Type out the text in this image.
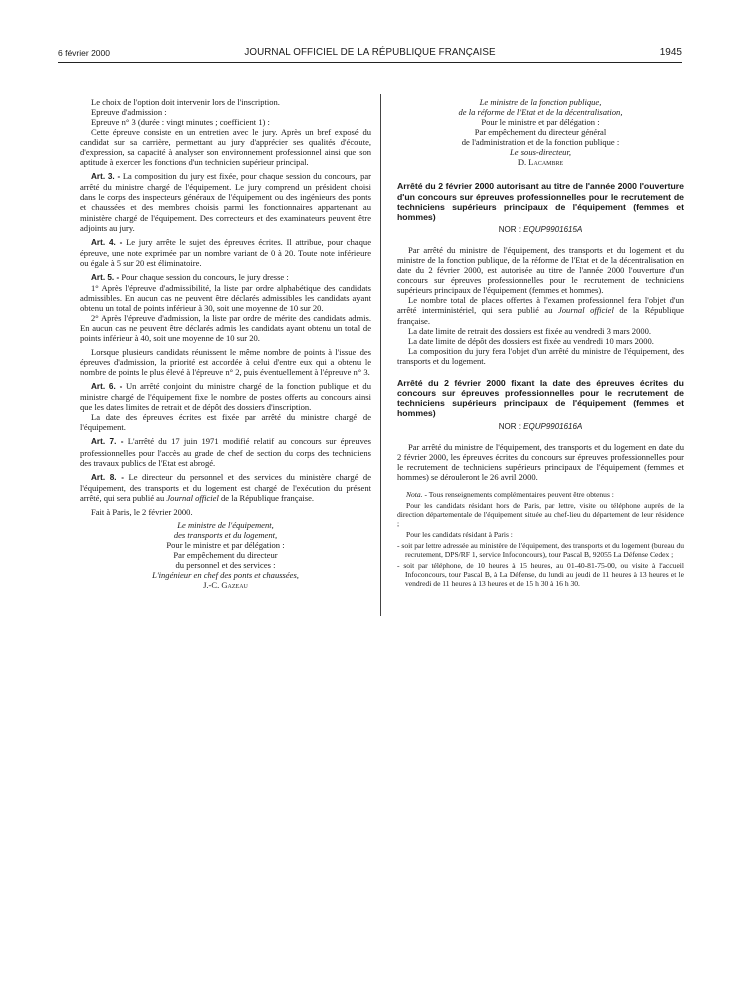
6 février 2000	JOURNAL OFFICIEL DE LA RÉPUBLIQUE FRANÇAISE	1945

Le choix de l'option doit intervenir lors de l'inscription.

Epreuve d'admission :

Epreuve n° 3 (durée : vingt minutes ; coefficient 1) :

Cette épreuve consiste en un entretien avec le jury. Après un bref exposé du candidat sur sa carrière, permettant au jury d'apprécier ses qualités d'écoute, d'expression, sa capacité à analyser son environnement professionnel ainsi que son aptitude à exercer les fonctions d'un technicien supérieur principal.

Art. 3. - La composition du jury est fixée, pour chaque session du concours, par arrêté du ministre chargé de l'équipement. Le jury comprend un président choisi dans le corps des inspecteurs généraux de l'équipement ou des ingénieurs des ponts et chaussées et des membres choisis parmi les fonctionnaires appartenant au ministère chargé de l'équipement. Des correcteurs et des examinateurs peuvent être adjoints au jury.

Art. 4. - Le jury arrête le sujet des épreuves écrites. Il attribue, pour chaque épreuve, une note exprimée par un nombre variant de 0 à 20. Toute note inférieure ou égale à 5 sur 20 est éliminatoire.

Art. 5. - Pour chaque session du concours, le jury dresse :

1° Après l'épreuve d'admissibilité, la liste par ordre alphabétique des candidats admissibles. En aucun cas ne peuvent être déclarés admissibles les candidats ayant obtenu un total de points inférieur à 30, soit une moyenne de 10 sur 20.

2° Après l'épreuve d'admission, la liste par ordre de mérite des candidats admis. En aucun cas ne peuvent être déclarés admis les candidats ayant obtenu un total de points inférieur à 40, soit une moyenne de 10 sur 20.

Lorsque plusieurs candidats réunissent le même nombre de points à l'issue des épreuves d'admission, la priorité est accordée à celui d'entre eux qui a obtenu le nombre de points le plus élevé à l'épreuve n° 2, puis éventuellement à l'épreuve n° 3.

Art. 6. - Un arrêté conjoint du ministre chargé de la fonction publique et du ministre chargé de l'équipement fixe le nombre de postes offerts au concours ainsi que les dates limites de retrait et de dépôt des dossiers d'inscription.

La date des épreuves écrites est fixée par arrêté du ministre chargé de l'équipement.

Art. 7. - L'arrêté du 17 juin 1971 modifié relatif au concours sur épreuves professionnelles pour l'accès au grade de chef de section du corps des techniciens des travaux publics de l'Etat est abrogé.

Art. 8. - Le directeur du personnel et des services du ministère chargé de l'équipement, des transports et du logement est chargé de l'exécution du présent arrêté, qui sera publié au Journal officiel de la République française.

Fait à Paris, le 2 février 2000.

Le ministre de l'équipement,

des transports et du logement,

Pour le ministre et par délégation :

Par empêchement du directeur

du personnel et des services :

L'ingénieur en chef des ponts et chaussées,

J.-C. Gazeau

Le ministre de la fonction publique,

de la réforme de l'Etat et de la décentralisation,

Pour le ministre et par délégation :

Par empêchement du directeur général

de l'administration et de la fonction publique :

Le sous-directeur,

D. Lacambre

Arrêté du 2 février 2000 autorisant au titre de l'année 2000 l'ouverture d'un concours sur épreuves professionnelles pour le recrutement de techniciens supérieurs principaux de l'équipement (femmes et hommes)
NOR : EQUP9901615A

Par arrêté du ministre de l'équipement, des transports et du logement et du ministre de la fonction publique, de la réforme de l'Etat et de la décentralisation en date du 2 février 2000, est autorisée au titre de l'année 2000 l'ouverture d'un concours sur épreuves professionnelles pour le recrutement de techniciens supérieurs principaux de l'équipement (femmes et hommes).

Le nombre total de places offertes à l'examen professionnel fera l'objet d'un arrêté interministériel, qui sera publié au Journal officiel de la République française.

La date limite de retrait des dossiers est fixée au vendredi 3 mars 2000.

La date limite de dépôt des dossiers est fixée au vendredi 10 mars 2000.

La composition du jury fera l'objet d'un arrêté du ministre de l'équipement, des transports et du logement.

Arrêté du 2 février 2000 fixant la date des épreuves écrites du concours sur épreuves professionnelles pour le recrutement de techniciens supérieurs principaux de l'équipement (femmes et hommes)
NOR : EQUP9901616A

Par arrêté du ministre de l'équipement, des transports et du logement en date du 2 février 2000, les épreuves écrites du concours sur épreuves professionnelles pour le recrutement de techniciens supérieurs principaux de l'équipement (femmes et hommes) se dérouleront le 26 avril 2000.

Nota. - Tous renseignements complémentaires peuvent être obtenus :

Pour les candidats résidant hors de Paris, par lettre, visite ou téléphone auprès de la direction départementale de l'équipement située au chef-lieu du département de leur résidence ;

Pour les candidats résidant à Paris :

- soit par lettre adressée au ministère de l'équipement, des transports et du logement (bureau du recrutement, DPS/RF 1, service Infoconcours), tour Pascal B, 92055 La Défense Cedex ;

- soit par téléphone, de 10 heures à 15 heures, au 01-40-81-75-00, ou visite à l'accueil Infoconcours, tour Pascal B, à La Défense, du lundi au jeudi de 11 heures à 13 heures et le vendredi de 11 heures à 13 heures et de 15 h 30 à 16 h 30.
